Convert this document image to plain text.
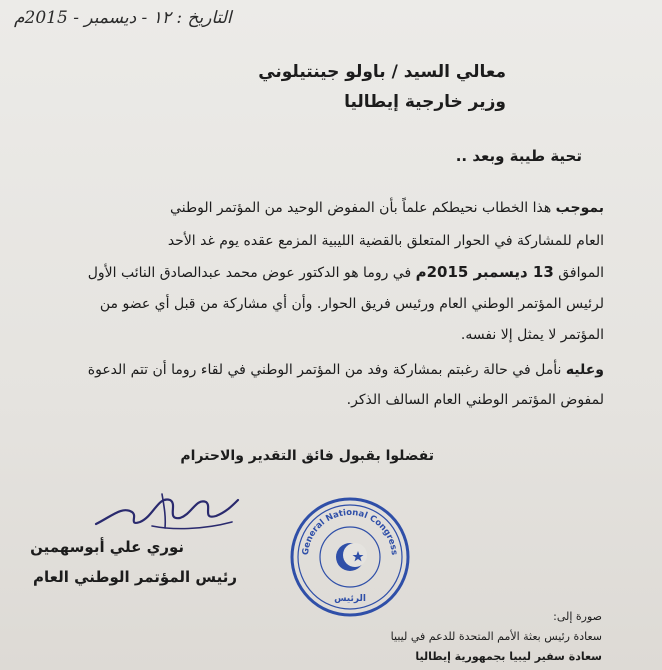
التاريخ : ١٢ - ديسمبر - 2015م
معالي السيد / باولو جينتيلوني
وزير خارجية إيطاليا
تحية طيبة وبعد ..
بموجب هذا الخطاب نحيطكم علماً بأن المفوض الوحيد من المؤتمر الوطني
العام للمشاركة في الحوار المتعلق بالقضية الليبية المزمع عقده يوم غد الأحد
الموافق 13 ديسمبر 2015م في روما هو الدكتور عوض محمد عبدالصادق النائب الأول
لرئيس المؤتمر الوطني العام ورئيس فريق الحوار. وأن أي مشاركة من قبل أي عضو من
المؤتمر لا يمثل إلا نفسه.
وعليه نأمل في حالة رغبتم بمشاركة وفد من المؤتمر الوطني في لقاء روما أن تتم الدعوة
لمفوض المؤتمر الوطني العام السالف الذكر.
تفضلوا بقبول فائق التقدير والاحترام
نوري علي أبوسهمين
رئيس المؤتمر الوطني العام
General National Congress
الرئيس
صورة إلى:
سعادة رئيس بعثة الأمم المتحدة للدعم في ليبيا
سعادة سفير ليبيا بجمهورية إيطاليا
